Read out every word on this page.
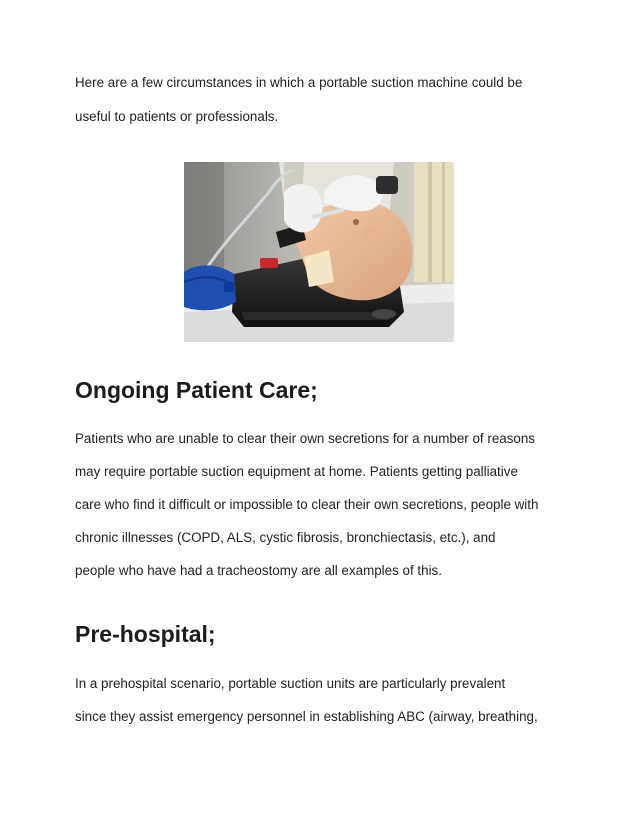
Here are a few circumstances in which a portable suction machine could be
useful to patients or professionals.
Ongoing Patient Care;
Patients who are unable to clear their own secretions for a number of reasons
may require portable suction equipment at home. Patients getting palliative
care who find it difficult or impossible to clear their own secretions, people with
chronic illnesses (COPD, ALS, cystic fibrosis, bronchiectasis, etc.), and
people who have had a tracheostomy are all examples of this.
Pre-hospital;
In a prehospital scenario, portable suction units are particularly prevalent
since they assist emergency personnel in establishing ABC (airway, breathing,
